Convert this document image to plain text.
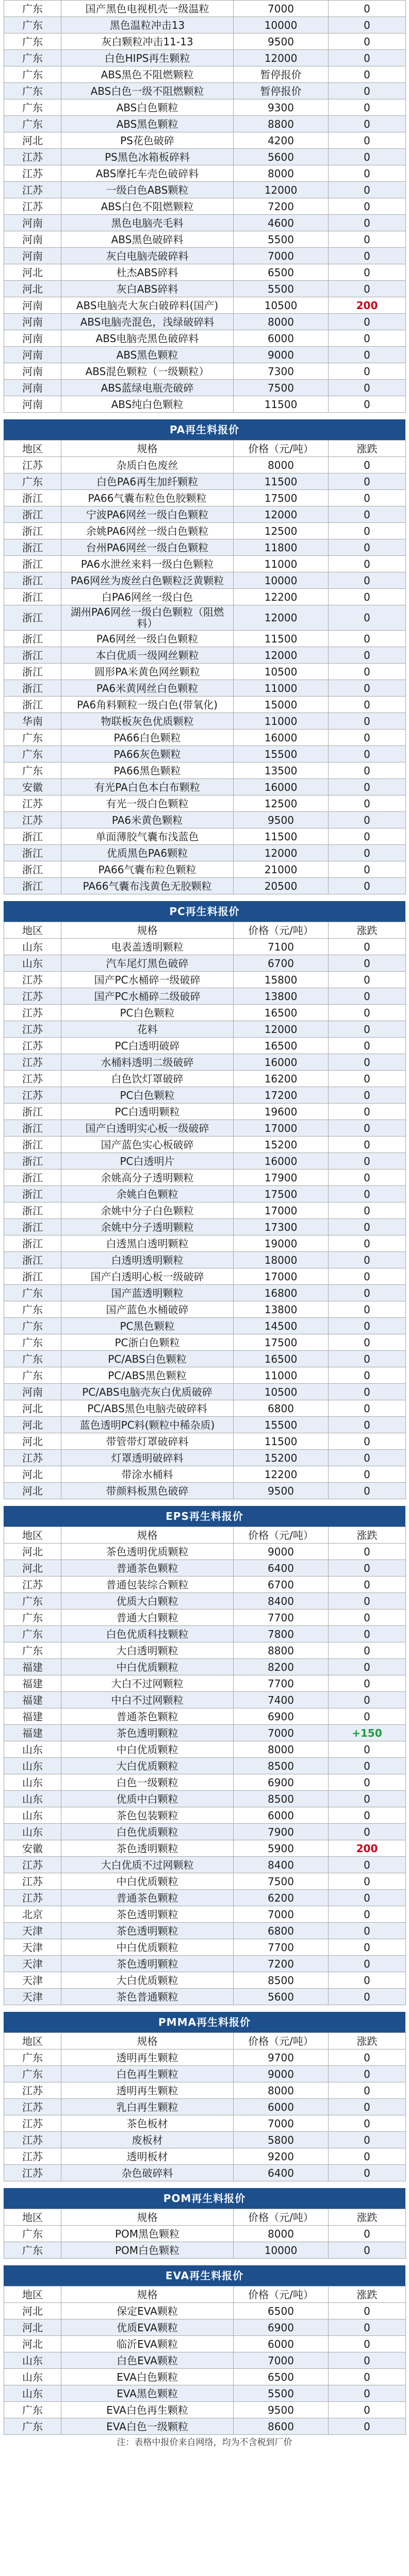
广东	国产黑色电视机壳一级温粒	7000	0
广东	黑色温粒冲击13	10000	0
广东	灰白颗粒冲击11-13	9500	0
广东	白色HIPS再生颗粒	12000	0
广东	ABS黑色不阻燃颗粒	暂停报价	0
广东	ABS白色一级不阻燃颗粒	暂停报价	0
广东	ABS白色颗粒	9300	0
广东	ABS黑色颗粒	8800	0
河北	PS花色破碎	4200	0
江苏	PS黑色冰箱板碎料	5600	0
江苏	ABS摩托车壳色破碎料	8000	0
江苏	一级白色ABS颗粒	12000	0
江苏	ABS白色不阻燃颗粒	7200	0
河南	黑色电脑壳毛料	4600	0
河南	ABS黑色破碎料	5500	0
河南	灰白电脑壳破碎料	7000	0
河北	杜杰ABS碎料	6500	0
河北	灰白ABS碎料	5500	0
河南	ABS电脑壳大灰白破碎料(国产)	10500	200
河南	ABS电脑壳混色，浅绿破碎料	8000	0
河南	ABS电脑壳黑色破碎料	6000	0
河南	ABS黑色颗粒	9000	0
河南	ABS混色颗粒（一级颗粒）	7300	0
河南	ABS蓝绿电瓶壳破碎	7500	0
河南	ABS纯白色颗粒	11500	0
PA再生料报价
地区	规格	价格（元/吨）	涨跌
江苏	杂质白色废丝	8000	0
广东	白色PA6再生加纤颗粒	11500	0
浙江	PA66气囊布粒色色胶颗粒	17500	0
浙江	宁波PA6网丝一级白色颗粒	12000	0
浙江	余姚PA6网丝一级白色颗粒	12500	0
浙江	台州PA6网丝一级白色颗粒	11800	0
浙江	PA6水泄丝来料一级白色颗粒	11000	0
浙江	PA6网丝为废丝白色颗粒泛黄颗粒	10000	0
浙江	白PA6网丝一级白色	12200	0
浙江	湖州PA6网丝一级白色颗粒（阻燃料）	12000	0
浙江	PA6网丝一级白色颗粒	11500	0
浙江	本白优质一级网丝颗粒	12000	0
浙江	圆形PA米黄色网丝颗粒	10500	0
浙江	PA6米黄网丝白色颗粒	11000	0
浙江	PA6角料颗粒一级白色(带氧化)	15000	0
华南	物联板灰色优质颗粒	11000	0
广东	PA66白色颗粒	16000	0
广东	PA66灰色颗粒	15500	0
广东	PA66黑色颗粒	13500	0
安徽	有光PA白色本白布颗粒	16000	0
江苏	有光一级白色颗粒	12500	0
江苏	PA6米黄色颗粒	9500	0
浙江	单面薄胶气囊布浅蓝色	11500	0
浙江	优质黑色PA6颗粒	12000	0
浙江	PA66气囊布粒色颗粒	21000	0
浙江	PA66气囊布浅黄色无胶颗粒	20500	0
PC再生料报价
地区	规格	价格（元/吨）	涨跌
山东	电表盖透明颗粒	7100	0
山东	汽车尾灯黑色破碎	6700	0
江苏	国产PC水桶碎一级破碎	15800	0
江苏	国产PC水桶碎二级破碎	13800	0
江苏	PC白色颗粒	16500	0
江苏	花料	12000	0
江苏	PC白透明破碎	16500	0
江苏	水桶料透明二级破碎	16000	0
江苏	白色饮灯罩破碎	16200	0
江苏	PC白色颗粒	17200	0
浙江	PC白透明颗粒	19600	0
浙江	国产白透明实心板一级破碎	17000	0
浙江	国产蓝色实心板破碎	15200	0
浙江	PC白透明片	16000	0
浙江	余姚高分子透明颗粒	17900	0
浙江	余姚白色颗粒	17500	0
浙江	余姚中分子白色颗粒	17000	0
浙江	余姚中分子透明颗粒	17300	0
浙江	白透黑白透明颗粒	19000	0
浙江	白透明透明颗粒	18000	0
浙江	国产白透明心板一级破碎	17000	0
广东	国产蓝透明颗粒	16800	0
广东	国产蓝色水桶破碎	13800	0
广东	PC黑色颗粒	14500	0
广东	PC浙白色颗粒	17500	0
广东	PC/ABS白色颗粒	16500	0
广东	PC/ABS黑色颗粒	11000	0
河南	PC/ABS电脑壳灰白优质破碎	10500	0
河北	PC/ABS黑色电脑壳破碎料	6800	0
河北	蓝色透明PC料(颗粒中稀杂质)	15500	0
河北	带管带灯罩破碎料	11500	0
江苏	灯罩透明破碎料	15200	0
河北	带涂水桶料	12200	0
河北	带颜料板黑色破碎	9500	0
EPS再生料报价
地区	规格	价格（元/吨）	涨跌
河北	茶色透明优质颗粒	9000	0
河北	普通茶色颗粒	6400	0
江苏	普通包装综合颗粒	6700	0
广东	优质大白颗粒	8400	0
广东	普通大白颗粒	7700	0
广东	白色优质科技颗粒	7800	0
广东	大白透明颗粒	8800	0
福建	中白优质颗粒	8200	0
福建	大白不过网颗粒	7700	0
福建	中白不过网颗粒	7400	0
福建	普通茶色颗粒	6900	0
福建	茶色透明颗粒	7000	+150
山东	中白优质颗粒	8000	0
山东	大白优质颗粒	8500	0
山东	白色一级颗粒	6900	0
山东	优质中白颗粒	8500	0
山东	茶色包装颗粒	6000	0
山东	白色优质颗粒	7900	0
安徽	茶色透明颗粒	5900	200
江苏	大白优质不过网颗粒	8400	0
江苏	中白优质颗粒	7500	0
江苏	普通茶色颗粒	6200	0
北京	茶色透明颗粒	7000	0
天津	茶色透明颗粒	6800	0
天津	中白优质颗粒	7700	0
天津	茶色透明颗粒	7200	0
天津	大白优质颗粒	8500	0
天津	茶色普通颗粒	5600	0
PMMA再生料报价
地区	规格	价格（元/吨）	涨跌
广东	透明再生颗粒	9700	0
广东	白色再生颗粒	9000	0
江苏	透明再生颗粒	8000	0
江苏	乳白再生颗粒	6000	0
江苏	茶色板材	7000	0
江苏	废板材	5800	0
江苏	透明板材	9200	0
江苏	杂色破碎料	6400	0
POM再生料报价
地区	规格	价格（元/吨）	涨跌
广东	POM黑色颗粒	8000	0
广东	POM白色颗粒	10000	0
EVA再生料报价
地区	规格	价格（元/吨）	涨跌
河北	保定EVA颗粒	6500	0
河北	优质EVA颗粒	6900	0
河北	临沂EVA颗粒	6000	0
山东	白色EVA颗粒	7000	0
山东	EVA白色颗粒	6500	0
山东	EVA黑色颗粒	5500	0
广东	EVA白色再生颗粒	9500	0
广东	EVA白色一级颗粒	8600	0
注：表格中报价来自网络，均为不含税到厂价
